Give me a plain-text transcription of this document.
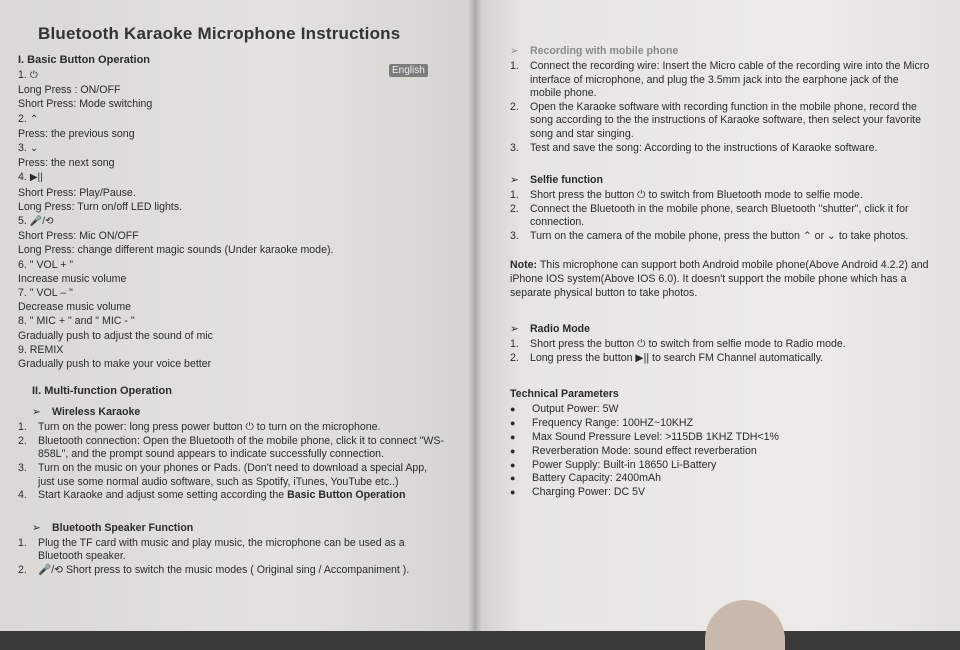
Bluetooth Karaoke Microphone Instructions
I. Basic Button Operation
1. ⏻
Long Press : ON/OFF
Short Press: Mode switching
2. ⌃
Press: the previous song
3. ⌄
Press: the next song
4. ▶||
Short Press: Play/Pause.
Long Press: Turn on/off LED lights.
5. 🎤/⟲
Short Press: Mic ON/OFF
Long Press: change different magic sounds (Under karaoke mode).
6. " VOL + "
Increase music volume
7. " VOL – "
Decrease music volume
8. " MIC + " and " MIC - "
Gradually push to adjust the sound of mic
9. REMIX
Gradually push to make your voice better
II. Multi-function Operation
➢ Wireless Karaoke
1. Turn on the power: long press power button ⏻ to turn on the microphone.
2. Bluetooth connection: Open the Bluetooth of the mobile phone, click it to connect "WS-858L", and the prompt sound appears to indicate successfully connection.
3. Turn on the music on your phones or Pads. (Don't need to download a special App, just use some normal audio software, such as Spotify, iTunes, YouTube etc..)
4. Start Karaoke and adjust some setting according the Basic Button Operation
➢ Bluetooth Speaker Function
1. Plug the TF card with music and play music, the microphone can be used as a Bluetooth speaker.
2. 🎤/⟲ Short press to switch the music modes ( Original sing / Accompaniment ).
English
➢ Recording with mobile phone
1. Connect the recording wire: Insert the Micro cable of the recording wire into the Micro interface of microphone, and plug the 3.5mm jack into the earphone jack of the mobile phone.
2. Open the Karaoke software with recording function in the mobile phone, record the song according to the the instructions of Karaoke software, then select your favorite song and star singing.
3. Test and save the song: According to the instructions of Karaoke software.
➢ Selfie function
1. Short press the button ⏻ to switch from Bluetooth mode to selfie mode.
2. Connect the Bluetooth in the mobile phone, search Bluetooth "shutter", click it for connection.
3. Turn on the camera of the mobile phone, press the button ⌃ or ⌄ to take photos.
Note: This microphone can support both Android mobile phone(Above Android 4.2.2) and iPhone IOS system(Above IOS 6.0). It doesn't support the mobile phone which has a separate physical button to take photos.
➢ Radio Mode
1. Short press the button ⏻ to switch from selfie mode to Radio mode.
2. Long press the button ▶|| to search FM Channel automatically.
Technical Parameters
● Output Power: 5W
● Frequency Range: 100HZ~10KHZ
● Max Sound Pressure Level: >115DB 1KHZ TDH<1%
● Reverberation Mode: sound effect reverberation
● Power Supply: Built-in 18650 Li-Battery
● Battery Capacity: 2400mAh
● Charging Power: DC 5V
